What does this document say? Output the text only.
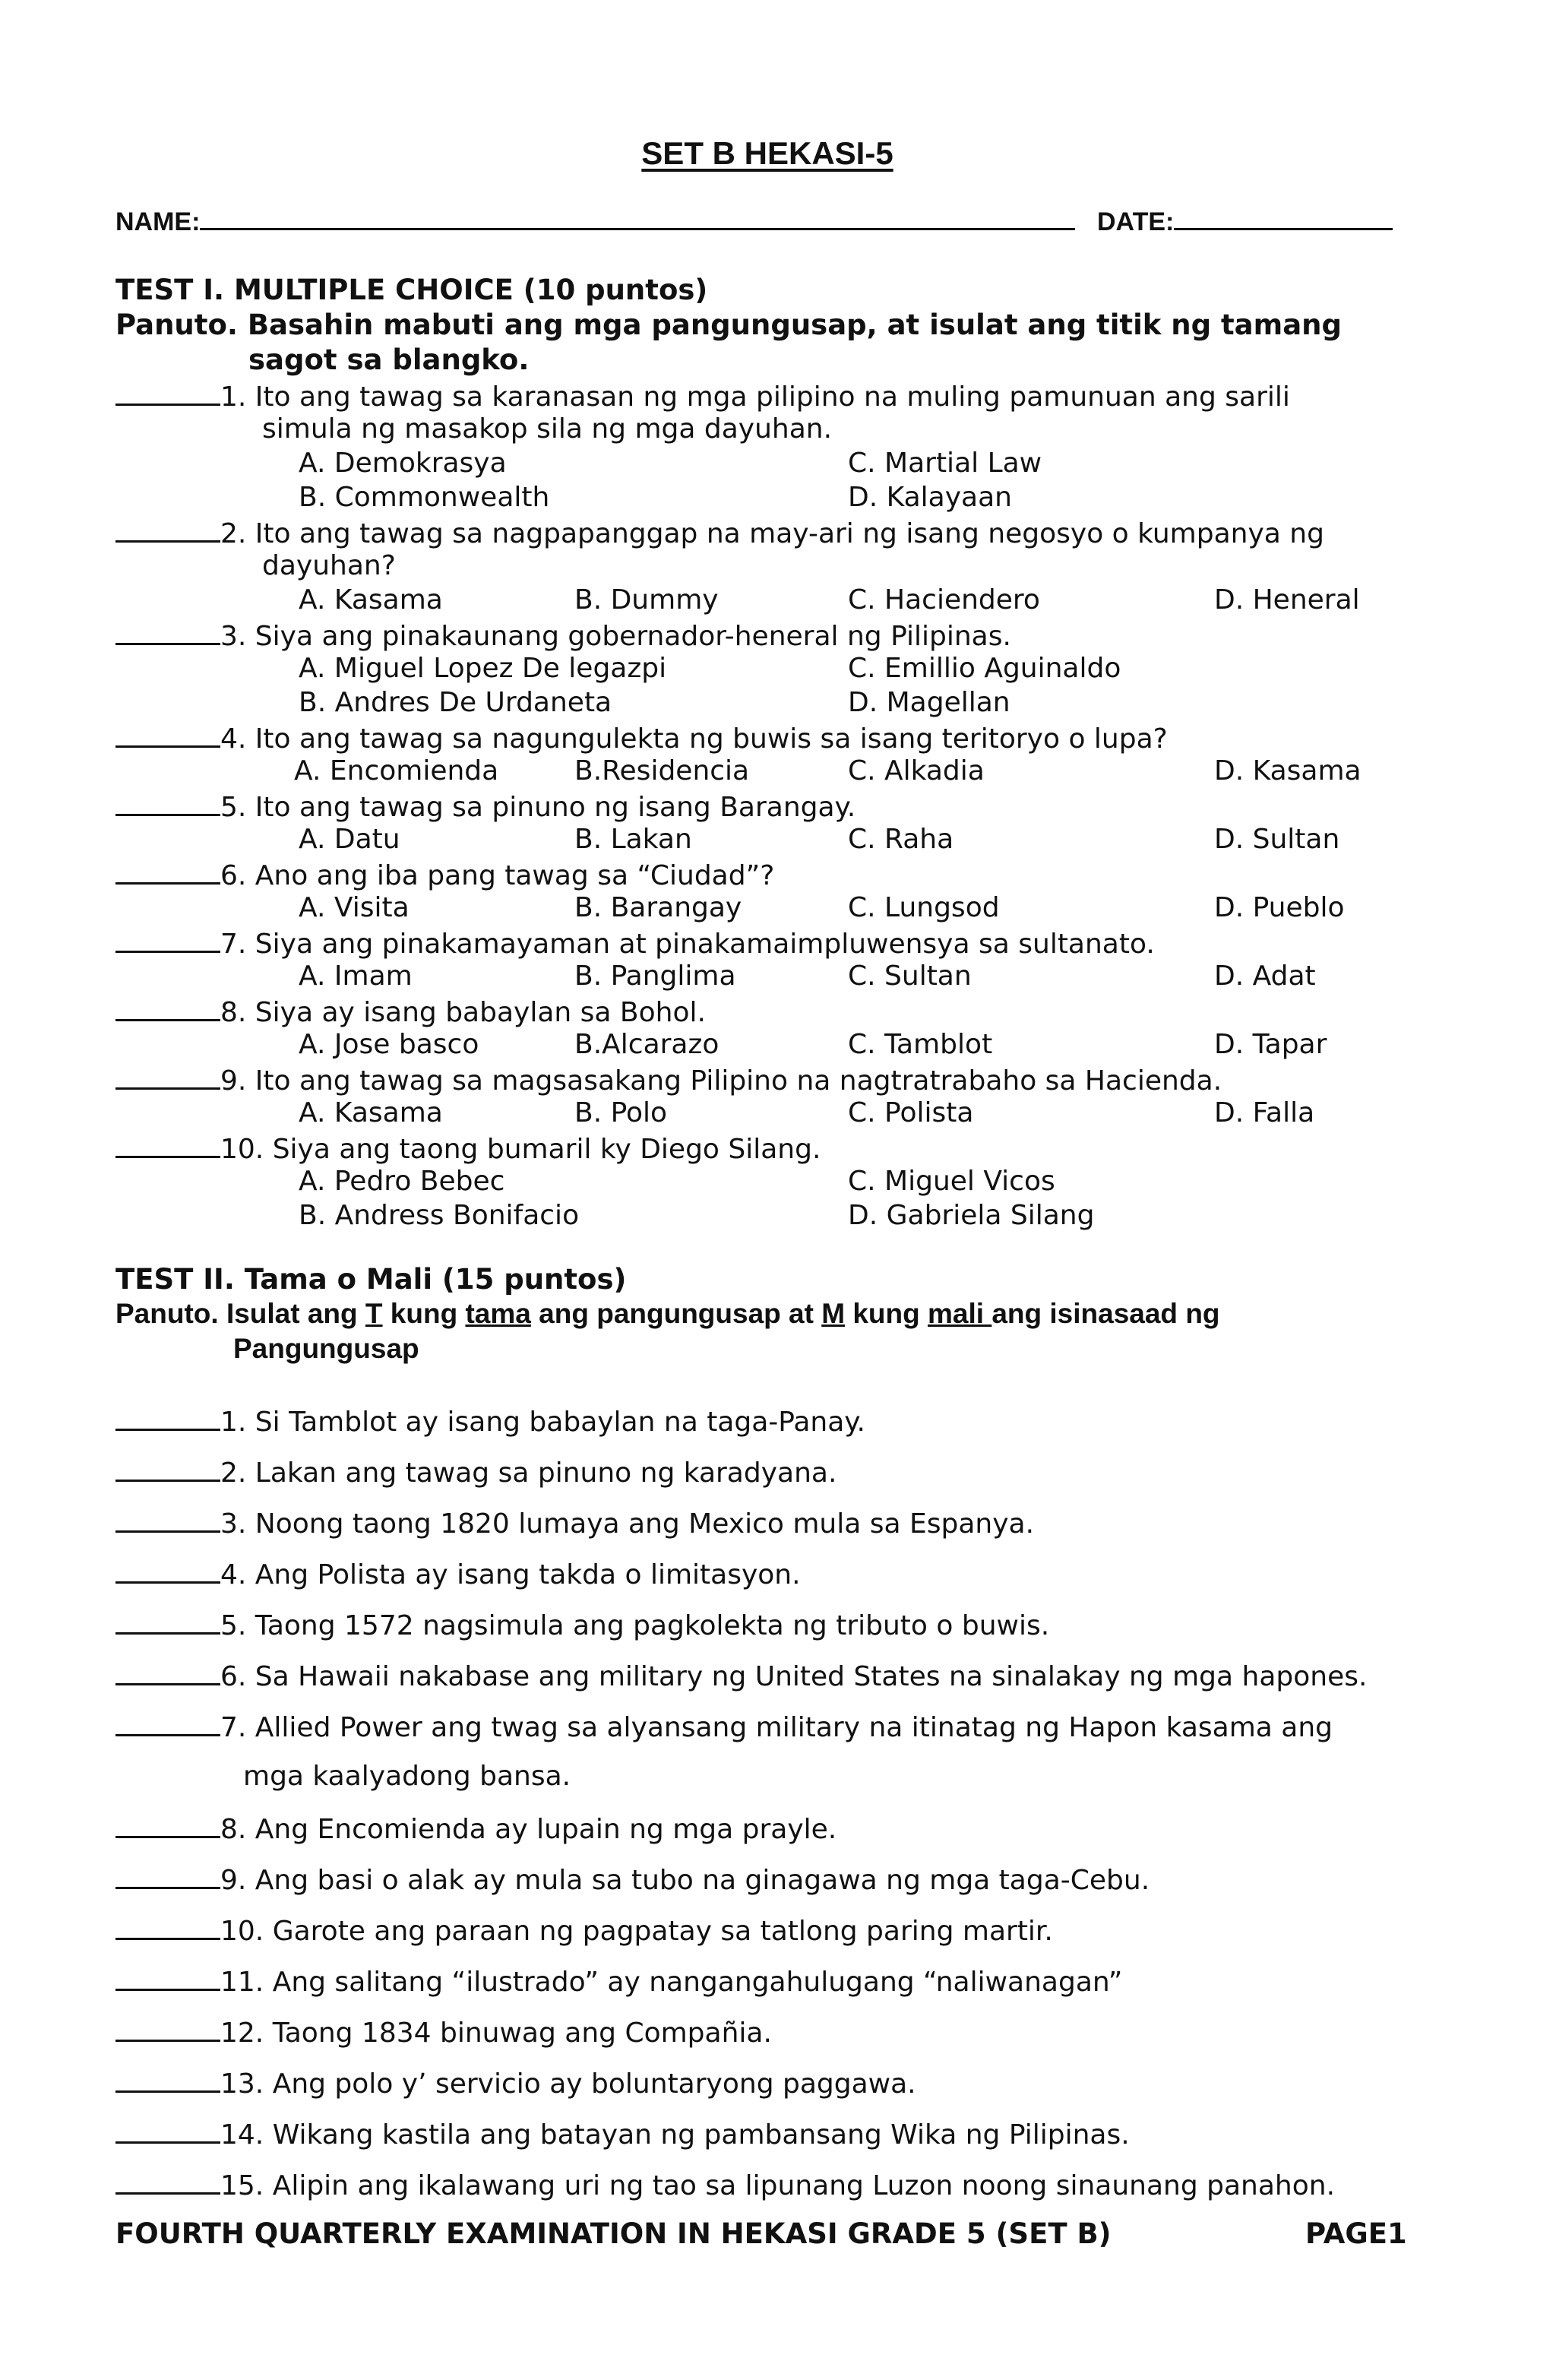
SET B HEKASI-5
NAME:	DATE:
TEST I. MULTIPLE CHOICE (10 puntos)
Panuto. Basahin mabuti ang mga pangungusap, at isulat ang titik ng tamang
sagot sa blangko.
1. Ito ang tawag sa karanasan ng mga pilipino na muling pamunuan ang sarili
simula ng masakop sila ng mga dayuhan.
A. Demokrasya	C. Martial Law
B. Commonwealth	D. Kalayaan
2. Ito ang tawag sa nagpapanggap na may-ari ng isang negosyo o kumpanya ng
dayuhan?
A. Kasama	B. Dummy	C. Haciendero	D. Heneral
3. Siya ang pinakaunang gobernador-heneral ng Pilipinas.
A. Miguel Lopez De legazpi	C. Emillio Aguinaldo
B. Andres De Urdaneta	D. Magellan
4. Ito ang tawag sa nagungulekta ng buwis sa isang teritoryo o lupa?
A. Encomienda	B.Residencia	C. Alkadia	D. Kasama
5. Ito ang tawag sa pinuno ng isang Barangay.
A. Datu	B. Lakan	C. Raha	D. Sultan
6. Ano ang iba pang tawag sa “Ciudad”?
A. Visita	B. Barangay	C. Lungsod	D. Pueblo
7. Siya ang pinakamayaman at pinakamaimpluwensya sa sultanato.
A. Imam	B. Panglima	C. Sultan	D. Adat
8. Siya ay isang babaylan sa Bohol.
A. Jose basco	B.Alcarazo	C. Tamblot	D. Tapar
9. Ito ang tawag sa magsasakang Pilipino na nagtratrabaho sa Hacienda.
A. Kasama	B. Polo	C. Polista	D. Falla
10. Siya ang taong bumaril ky Diego Silang.
A. Pedro Bebec	C. Miguel Vicos
B. Andress Bonifacio	D. Gabriela Silang
TEST II. Tama o Mali (15 puntos)
Panuto. Isulat ang T kung tama ang pangungusap at M kung mali ang isinasaad ng
Pangungusap
1. Si Tamblot ay isang babaylan na taga-Panay.
2. Lakan ang tawag sa pinuno ng karadyana.
3. Noong taong 1820 lumaya ang Mexico mula sa Espanya.
4. Ang Polista ay isang takda o limitasyon.
5. Taong 1572 nagsimula ang pagkolekta ng tributo o buwis.
6. Sa Hawaii nakabase ang military ng United States na sinalakay ng mga hapones.
7. Allied Power ang twag sa alyansang military na itinatag ng Hapon kasama ang
mga kaalyadong bansa.
8. Ang Encomienda ay lupain ng mga prayle.
9. Ang basi o alak ay mula sa tubo na ginagawa ng mga taga-Cebu.
10. Garote ang paraan ng pagpatay sa tatlong paring martir.
11. Ang salitang “ilustrado” ay nangangahulugang “naliwanagan”
12. Taong 1834 binuwag ang Compañia.
13. Ang polo y’ servicio ay boluntaryong paggawa.
14. Wikang kastila ang batayan ng pambansang Wika ng Pilipinas.
15. Alipin ang ikalawang uri ng tao sa lipunang Luzon noong sinaunang panahon.
FOURTH QUARTERLY EXAMINATION IN HEKASI GRADE 5 (SET B)	PAGE1
